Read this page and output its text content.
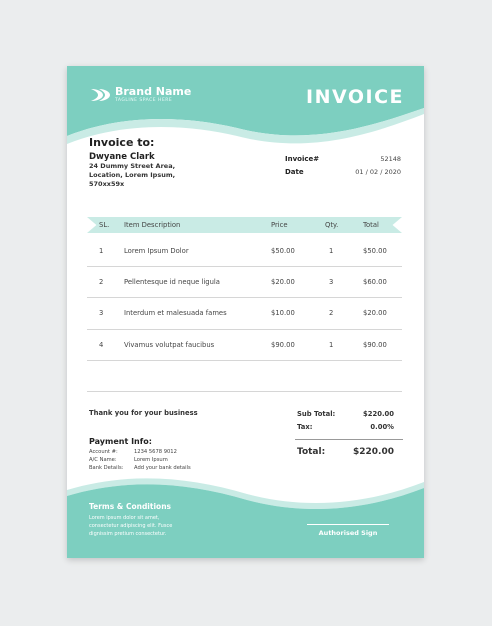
Brand Name
TAGLINE SPACE HERE	INVOICE
Invoice to:
Dwyane Clark
24 Dummy Street Area,
Location, Lorem Ipsum,
570xx59x
Invoice#	52148
Date	01 / 02 / 2020
SL. Item Description	Price	Qty.	Total
1	Lorem Ipsum Dolor	$50.00	1	$50.00
2	Pellentesque id neque ligula	$20.00	3	$60.00
3	Interdum et malesuada fames	$10.00	2	$20.00
4	Vivamus volutpat faucibus	$90.00	1	$90.00
Thank you for your business
Payment Info:
Account #:	1234 5678 9012
A/C Name:	Lorem Ipsum
Bank Details: Add your bank details
Sub Total:	$220.00
Tax:	0.00%
Total:	$220.00
Terms & Conditions
Lorem ipsum dolor sit amet,
consectetur adipiscing elit. Fusce
dignissim pretium consectetur.	Authorised Sign
